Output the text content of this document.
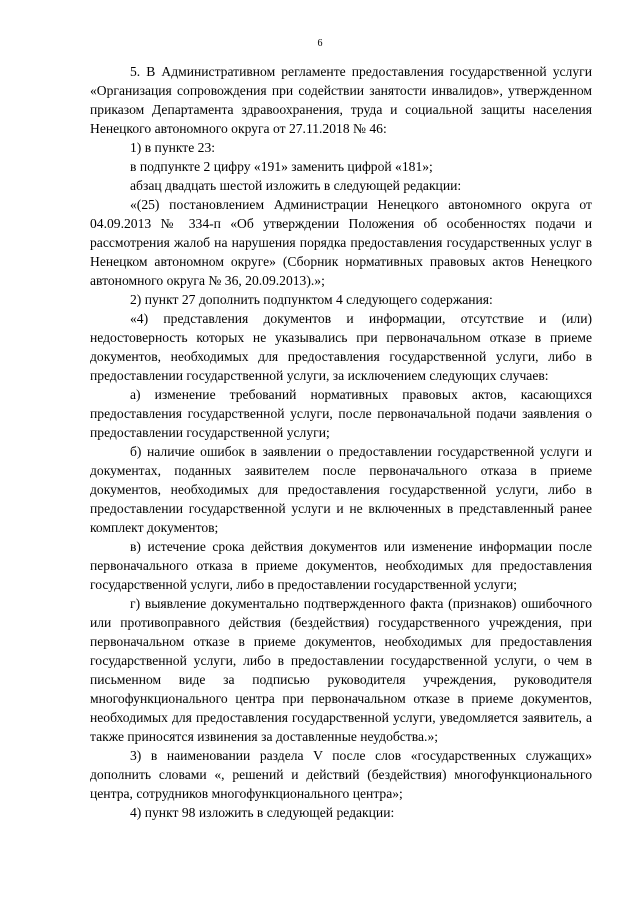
6

5. В Административном регламенте предоставления государственной услуги «Организация сопровождения при содействии занятости инвалидов», утвержденном приказом Департамента здравоохранения, труда и социальной защиты населения Ненецкого автономного округа от 27.11.2018 № 46:

1) в пункте 23:

в подпункте 2 цифру «191» заменить цифрой «181»;

абзац двадцать шестой изложить в следующей редакции:

«(25) постановлением Администрации Ненецкого автономного округа от 04.09.2013 № 334-п «Об утверждении Положения об особенностях подачи и рассмотрения жалоб на нарушения порядка предоставления государственных услуг в Ненецком автономном округе» (Сборник нормативных правовых актов Ненецкого автономного округа № 36, 20.09.2013).»;

2) пункт 27 дополнить подпунктом 4 следующего содержания:

«4) представления документов и информации, отсутствие и (или) недостоверность которых не указывались при первоначальном отказе в приеме документов, необходимых для предоставления государственной услуги, либо в предоставлении государственной услуги, за исключением следующих случаев:

а) изменение требований нормативных правовых актов, касающихся предоставления государственной услуги, после первоначальной подачи заявления о предоставлении государственной услуги;

б) наличие ошибок в заявлении о предоставлении государственной услуги и документах, поданных заявителем после первоначального отказа в приеме документов, необходимых для предоставления государственной услуги, либо в предоставлении государственной услуги и не включенных в представленный ранее комплект документов;

в) истечение срока действия документов или изменение информации после первоначального отказа в приеме документов, необходимых для предоставления государственной услуги, либо в предоставлении государственной услуги;

г) выявление документально подтвержденного факта (признаков) ошибочного или противоправного действия (бездействия) государственного учреждения, при первоначальном отказе в приеме документов, необходимых для предоставления государственной услуги, либо в предоставлении государственной услуги, о чем в письменном виде за подписью руководителя учреждения, руководителя многофункционального центра при первоначальном отказе в приеме документов, необходимых для предоставления государственной услуги, уведомляется заявитель, а также приносятся извинения за доставленные неудобства.»;

3) в наименовании раздела V после слов «государственных служащих» дополнить словами «, решений и действий (бездействия) многофункционального центра, сотрудников многофункционального центра»;

4) пункт 98 изложить в следующей редакции:
